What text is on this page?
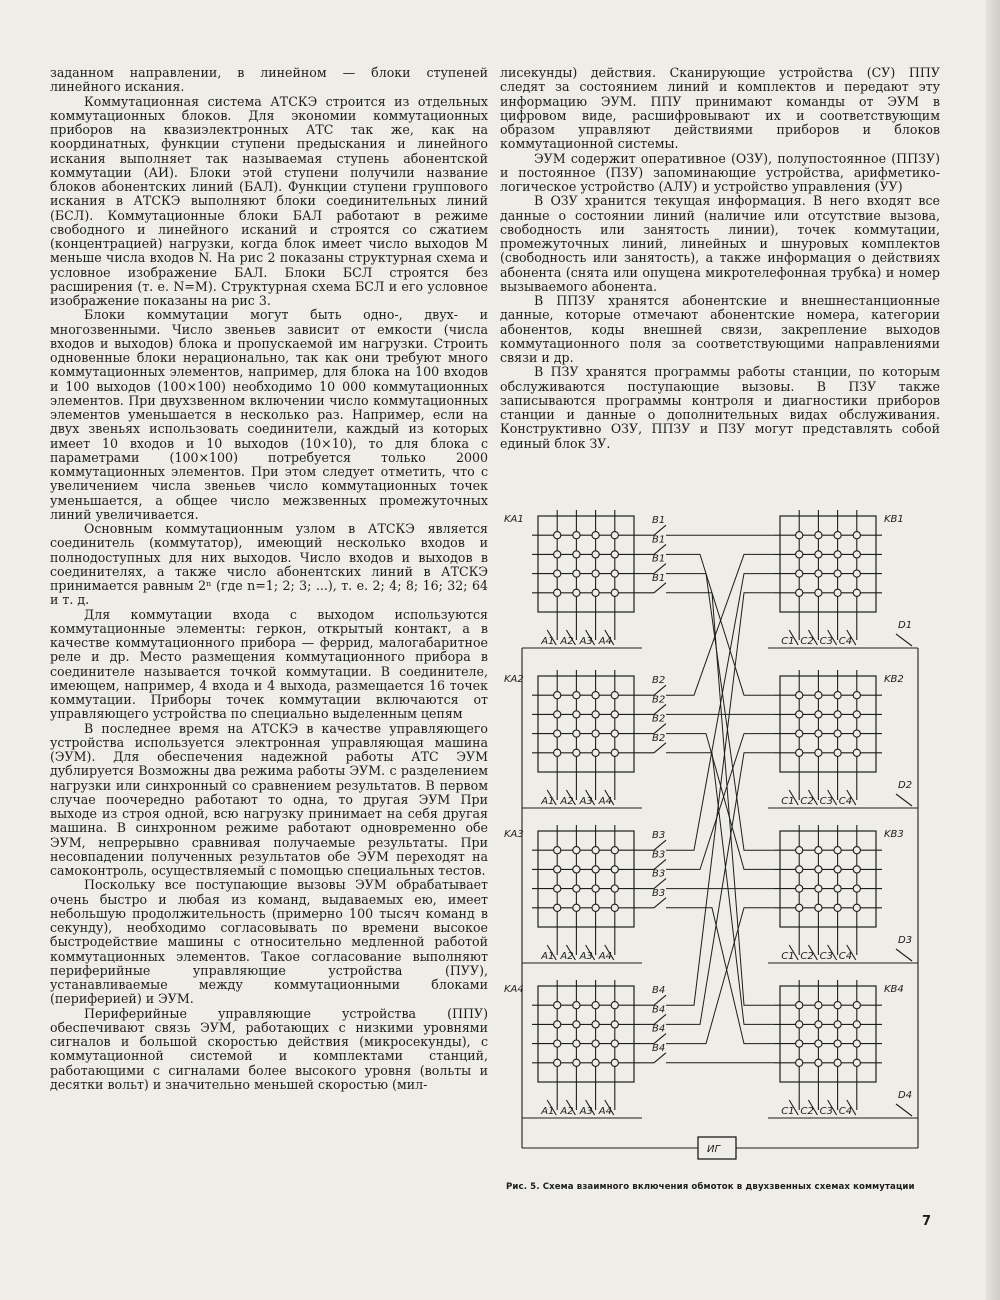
заданном направлении, в линейном — блоки ступеней линейного искания.

Коммутационная система АТСКЭ строится из отдельных коммутационных блоков. Для экономии коммутационных приборов на квазиэлектронных АТС так же, как на координатных, функции ступени предыскания и линейного искания выполняет так называемая ступень абонентской коммутации (АИ). Блоки этой ступени получили название блоков абонентских линий (БАЛ). Функции ступени группового искания в АТСКЭ выполняют блоки соединительных линий (БСЛ). Коммутационные блоки БАЛ работают в режиме свободного и линейного исканий и строятся со сжатием (концентрацией) нагрузки, когда блок имеет число выходов M меньше числа входов N. На рис 2 показаны структурная схема и условное изображение БАЛ. Блоки БСЛ строятся без расширения (т. е. N=M). Структурная схема БСЛ и его условное изображение показаны на рис 3.

Блоки коммутации могут быть одно-, двух- и многозвенными. Число звеньев зависит от емкости (числа входов и выходов) блока и пропускаемой им нагрузки. Строить одновенные блоки нерационально, так как они требуют много коммутационных элементов, например, для блока на 100 входов и 100 выходов (100×100) необходимо 10 000 коммутационных элементов. При двухзвенном включении число коммутационных элементов уменьшается в несколько раз. Например, если на двух звеньях использовать соединители, каждый из которых имеет 10 входов и 10 выходов (10×10), то для блока с параметрами (100×100) потребуется только 2000 коммутационных элементов. При этом следует отметить, что с увеличением числа звеньев число коммутационных точек уменьшается, а общее число межзвенных промежуточных линий увеличивается.

Основным коммутационным узлом в АТСКЭ является соединитель (коммутатор), имеющий несколько входов и полнодоступных для них выходов. Число входов и выходов в соединителях, а также число абонентских линий в АТСКЭ принимается равным 2ⁿ (где n=1; 2; 3; ...), т. е. 2; 4; 8; 16; 32; 64 и т. д.

Для коммутации входа с выходом используются коммутационные элементы: геркон, открытый контакт, а в качестве коммутационного прибора — феррид, малогабаритное реле и др. Место размещения коммутационного прибора в соединителе называется точкой коммутации. В соединителе, имеющем, например, 4 входа и 4 выхода, размещается 16 точек коммутации. Приборы точек коммутации включаются от управляющего устройства по специально выделенным цепям

В последнее время на АТСКЭ в качестве управляющего устройства используется электронная управляющая машина (ЭУМ). Для обеспечения надежной работы АТС ЭУМ дублируется Возможны два режима работы ЭУМ. с разделением нагрузки или синхронный со сравнением результатов. В первом случае поочередно работают то одна, то другая ЭУМ При выходе из строя одной, всю нагрузку принимает на себя другая машина. В синхронном режиме работают одновременно обе ЭУМ, непрерывно сравнивая получаемые результаты. При несовпадении полученных результатов обе ЭУМ переходят на самоконтроль, осуществляемый с помощью специальных тестов.

Поскольку все поступающие вызовы ЭУМ обрабатывает очень быстро и любая из команд, выдаваемых ею, имеет небольшую продолжительность (примерно 100 тысяч команд в секунду), необходимо согласовывать по времени высокое быстродействие машины с относительно медленной работой коммутационных элементов. Такое согласование выполняют периферийные управляющие устройства (ПУУ), устанавливаемые между коммутационными блоками (периферией) и ЭУМ.

Периферийные управляющие устройства (ППУ) обеспечивают связь ЭУМ, работающих с низкими уровнями сигналов и большой скоростью действия (микросекунды), с коммутационной системой и комплектами станций, работающими с сигналами более высокого уровня (вольты и десятки вольт) и значительно меньшей скоростью (мил-

лисекунды) действия. Сканирующие устройства (СУ) ППУ следят за состоянием линий и комплектов и передают эту информацию ЭУМ. ППУ принимают команды от ЭУМ в цифровом виде, расшифровывают их и соответствующим образом управляют действиями приборов и блоков коммутационной системы.

ЭУМ содержит оперативное (ОЗУ), полупостоянное (ППЗУ) и постоянное (ПЗУ) запоминающие устройства, арифметико-логическое устройство (АЛУ) и устройство управления (УУ)

В ОЗУ хранится текущая информация. В него входят все данные о состоянии линий (наличие или отсутствие вызова, свободность или занятость линии), точек коммутации, промежуточных линий, линейных и шнуровых комплектов (свободность или занятость), а также информация о действиях абонента (снята или опущена микротелефонная трубка) и номер вызываемого абонента.

В ППЗУ хранятся абонентские и внешнестанционные данные, которые отмечают абонентские номера, категории абонентов, коды внешней связи, закрепление выходов коммутационного поля за соответствующими направлениями связи и др.

В ПЗУ хранятся программы работы станции, по которым обслуживаются поступающие вызовы. В ПЗУ также записываются программы контроля и диагностики приборов станции и данные о дополнительных видах обслуживания. Конструктивно ОЗУ, ППЗУ и ПЗУ могут представлять собой единый блок ЗУ.

KA1	KB1
A1 A2 A3 A4	C1 C2 C3 C4
D1
B1
B1
B1
B1
KA2	KB2
A1 A2 A3 A4	C1 C2 C3 C4
D2
B2
B2
B2
B2
KA3	KB3
A1 A2 A3 A4	C1 C2 C3 C4
D3
B3
B3
B3
B3
KA4	KB4
A1 A2 A3 A4	C1 C2 C3 C4
D4
B4
B4
B4
B4
ИГ
Рис. 5. Схема взаимного включения обмоток в двухзвенных схемах коммутации
7
